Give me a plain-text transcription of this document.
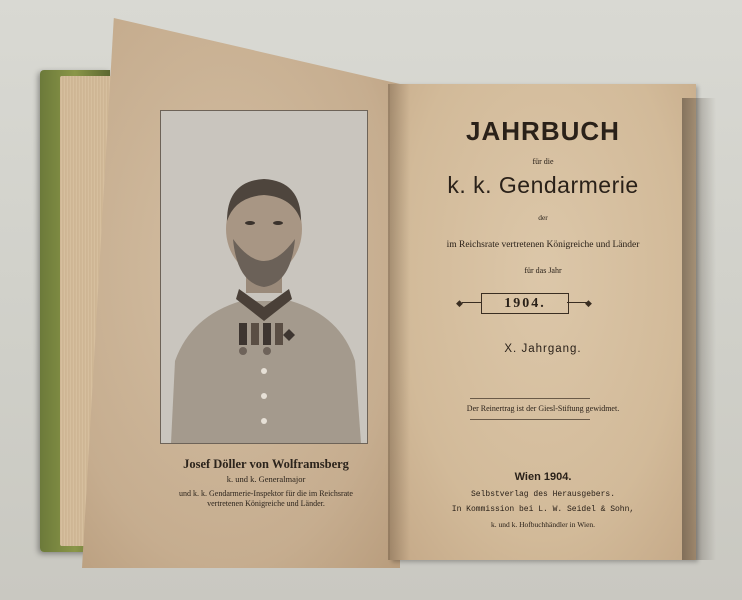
Josef Döller von Wolframsberg
k. und k. Generalmajor
und k. k. Gendarmerie-Inspektor für die im Reichsrate
vertretenen Königreiche und Länder.
JAHRBUCH
für die
k. k. Gendarmerie
der
im Reichsrate vertretenen Königreiche und Länder
für das Jahr
◆	1904.	◆
X. Jahrgang.
Der Reinertrag ist der Giesl-Stiftung gewidmet.
Wien 1904.
Selbstverlag des Herausgebers.
In Kommission bei L. W. Seidel & Sohn,
k. und k. Hofbuchhändler in Wien.
